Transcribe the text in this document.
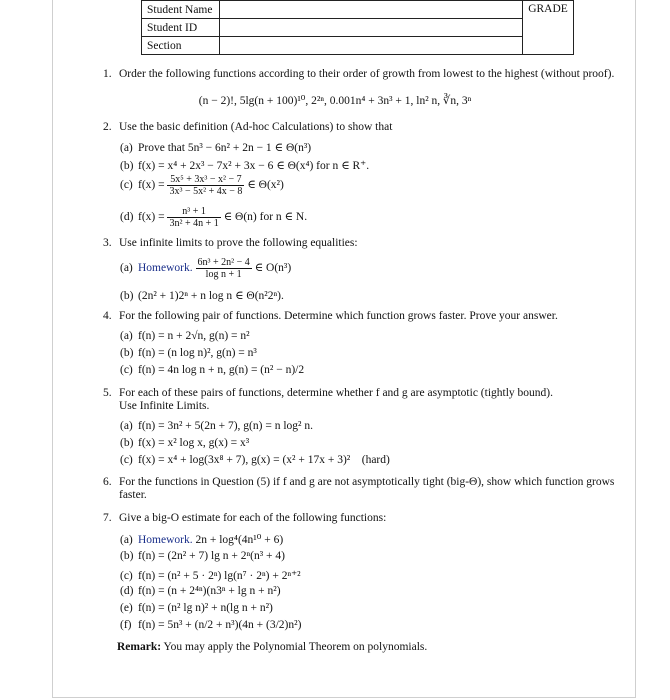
Student Name		GRADE
Student ID		
Section		
1. Order the following functions according to their order of growth from lowest to the highest (without proof).
(n − 2)!, 5lg(n + 100)¹⁰, 2²ⁿ, 0.001n⁴ + 3n³ + 1, ln² n, ∛n, 3ⁿ
2. Use the basic definition (Ad-hoc Calculations) to show that
(a) Prove that 5n³ − 6n² + 2n − 1 ∈ Θ(n³)
(b) f(x) = x⁴ + 2x³ − 7x² + 3x − 6 ∈ Θ(x⁴) for n ∈ R⁺.
(c) $f(x) = \frac{\text{5x⁵ + 3x³ − x² − 7}}{\text{3x³ − 5x² + 4x − 8}}$ ∈ Θ(x²)
(d) $f(x) = \frac{\text{n³ + 1}}{\text{3n² + 4n + 1}}$ ∈ Θ(n) for n ∈ N.
3. Use infinite limits to prove the following equalities:
(a) Homework. $\frac{\text{6n³ + 2n² − 4}}{\text{log n + 1}}$ ∈ O(n³)
(b) (2n² + 1)2ⁿ + n log n ∈ Θ(n²2ⁿ).
4. For the following pair of functions. Determine which function grows faster. Prove your answer.
(a) f(n) = n + 2√n, g(n) = n²
(b) f(n) = (n log n)², g(n) = n³
(c) f(n) = 4n log n + n, g(n) = (n² − n)/2
5. For each of these pairs of functions, determine whether f and g are asymptotic (tightly bound).
Use Infinite Limits.
(a) f(n) = 3n² + 5(2n + 7), g(n) = n log² n.
(b) f(x) = x² log x, g(x) = x³
(c) f(x) = x⁴ + log(3x⁸ + 7), g(x) = (x² + 17x + 3)² (hard)
6. For the functions in Question (5) if f and g are not asymptotically tight (big-Θ), show which function grows
faster.
7. Give a big-O estimate for each of the following functions:
(a) Homework. 2n + log⁴(4n¹⁰ + 6)
(b) f(n) = (2n² + 7) lg n + 2ⁿ(n³ + 4)
(c) f(n) = (n² + 5 · 2ⁿ) lg(n⁷ · 2ⁿ) + 2ⁿ⁺²
(d) f(n) = (n + 2⁴ⁿ)(n3ⁿ + lg n + n²)
(e) f(n) = (n² lg n)² + n(lg n + n²)
(f) f(n) = 5n³ + (n/2 + n³)(4n + (3/2)n²)
Remark: You may apply the Polynomial Theorem on polynomials.
